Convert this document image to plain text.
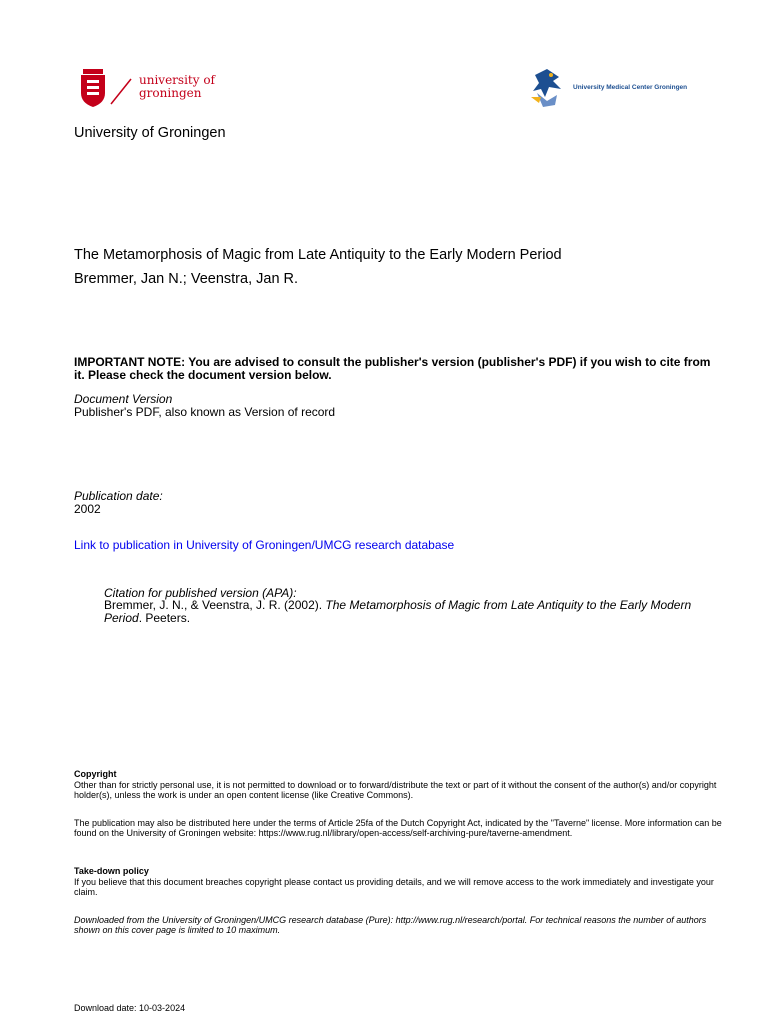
university of
groningen	University Medical Center Groningen
University of Groningen
The Metamorphosis of Magic from Late Antiquity to the Early Modern Period
Bremmer, Jan N.; Veenstra, Jan R.
IMPORTANT NOTE: You are advised to consult the publisher's version (publisher's PDF) if you wish to cite from it. Please check the document version below.
Document Version
Publisher's PDF, also known as Version of record
Publication date:
2002
Link to publication in University of Groningen/UMCG research database
Citation for published version (APA):
Bremmer, J. N., & Veenstra, J. R. (2002). The Metamorphosis of Magic from Late Antiquity to the Early Modern Period. Peeters.
Copyright
Other than for strictly personal use, it is not permitted to download or to forward/distribute the text or part of it without the consent of the author(s) and/or copyright holder(s), unless the work is under an open content license (like Creative Commons).
The publication may also be distributed here under the terms of Article 25fa of the Dutch Copyright Act, indicated by the "Taverne" license. More information can be found on the University of Groningen website: https://www.rug.nl/library/open-access/self-archiving-pure/taverne-amendment.
Take-down policy
If you believe that this document breaches copyright please contact us providing details, and we will remove access to the work immediately and investigate your claim.
Downloaded from the University of Groningen/UMCG research database (Pure): http://www.rug.nl/research/portal. For technical reasons the number of authors shown on this cover page is limited to 10 maximum.
Download date: 10-03-2024
